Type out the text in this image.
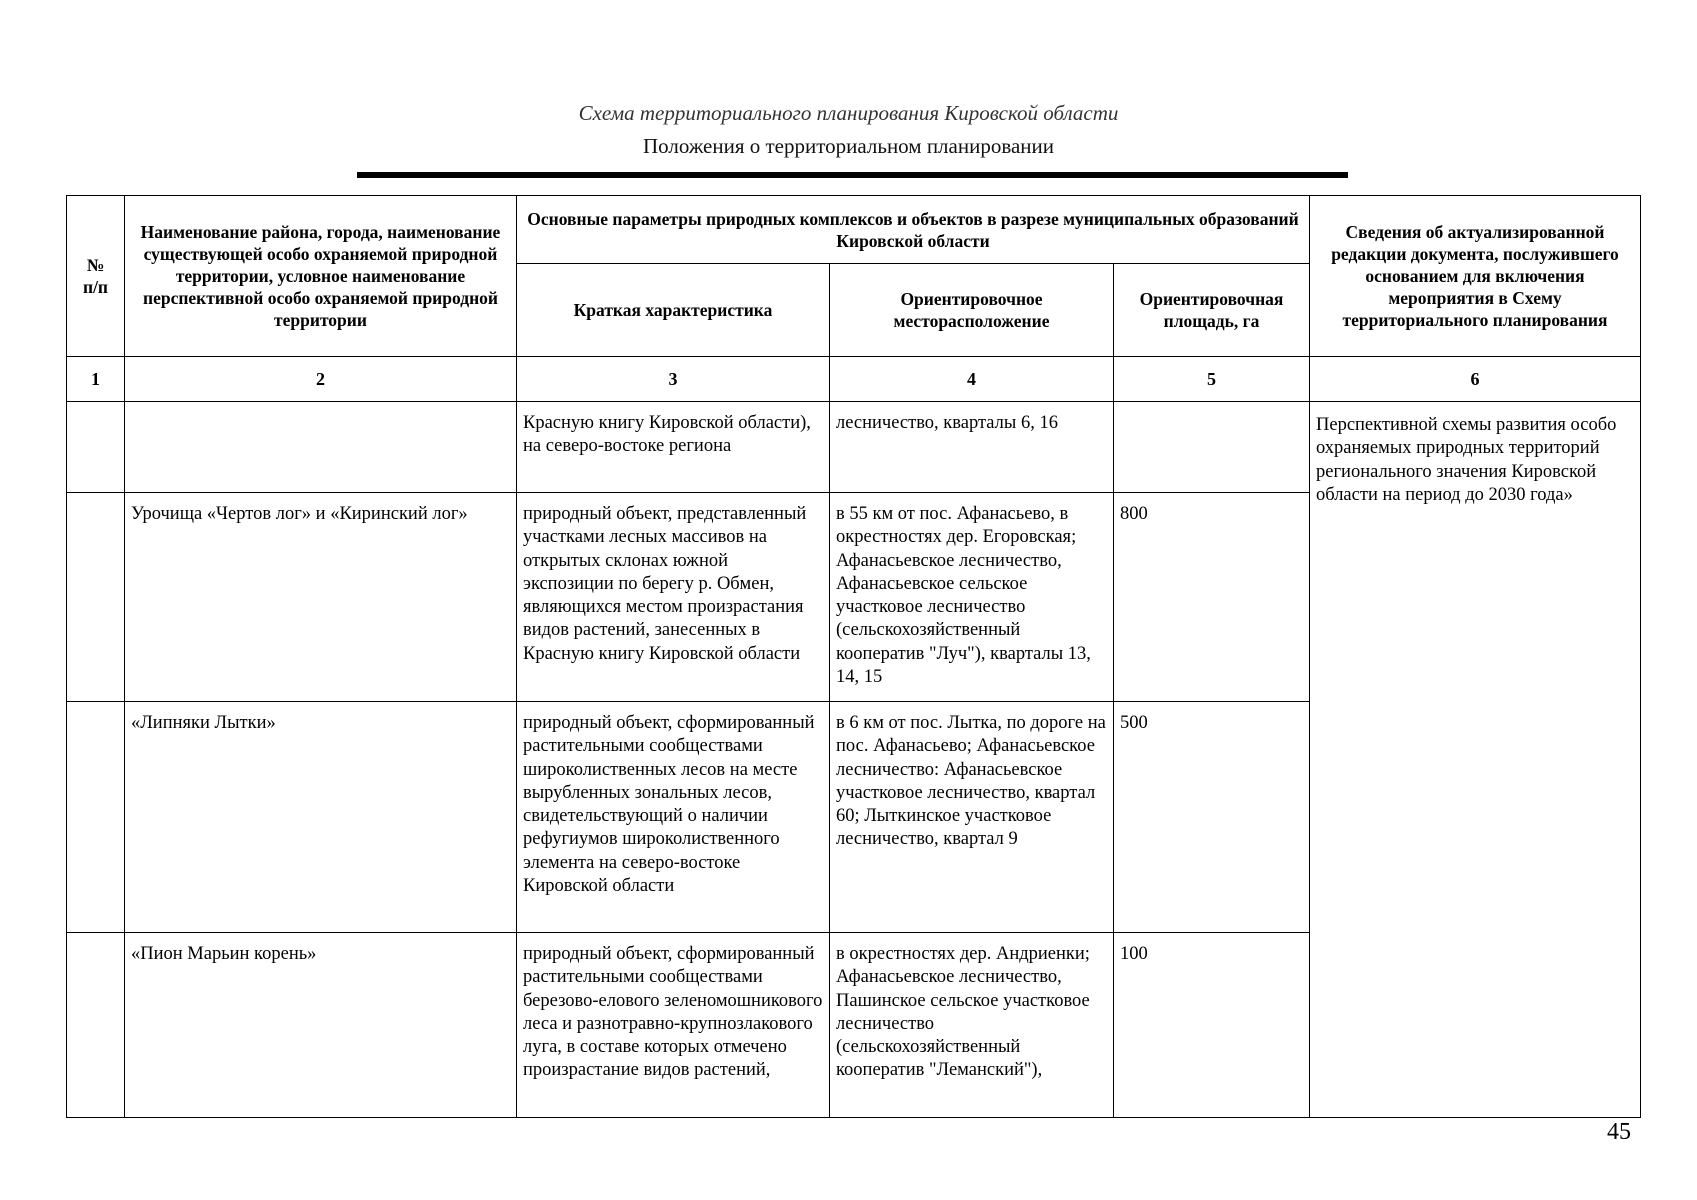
Схема территориального планирования Кировской области
Положения о территориальном планировании
№
п/п	Наименование района, города, наименование существующей особо охраняемой природной территории, условное наименование перспективной особо охраняемой природной территории	Основные параметры природных комплексов и объектов в разрезе муниципальных образований Кировской области			Сведения об актуализированной редакции документа, послужившего основанием для включения мероприятия в Схему территориального планирования
		Краткая характеристика	Ориентировочное месторасположение	Ориентировочная площадь, га	
1	2	3	4	5	6
		Красную книгу Кировской области), на северо-востоке региона	лесничество, кварталы 6, 16		Перспективной схемы развития особо охраняемых природных территорий регионального значения Кировской области на период до 2030 года»
	Урочища «Чертов лог» и «Киринский лог»	природный объект, представленный участками лесных массивов на открытых склонах южной экспозиции по берегу р. Обмен, являющихся местом произрастания видов растений, занесенных в Красную книгу Кировской области	в 55 км от пос. Афанасьево, в окрестностях дер. Егоровская; Афанасьевское лесничество, Афанасьевское сельское участковое лесничество (сельскохозяйственный кооператив "Луч"), кварталы 13, 14, 15	800	
	«Липняки Лытки»	природный объект, сформированный растительными сообществами широколиственных лесов на месте вырубленных зональных лесов, свидетельствующий о наличии рефугиумов широколиственного элемента на северо-востоке Кировской области	в 6 км от пос. Лытка, по дороге на пос. Афанасьево; Афанасьевское лесничество: Афанасьевское участковое лесничество, квартал 60; Лыткинское участковое лесничество, квартал 9	500	
	«Пион Марьин корень»	природный объект, сформированный растительными сообществами березово-елового зеленомошникового леса и разнотравно-крупнозлакового луга, в составе которых отмечено произрастание видов растений,	в окрестностях дер. Андриенки; Афанасьевское лесничество, Пашинское сельское участковое лесничество (сельскохозяйственный кооператив "Леманский"),	100	
45
